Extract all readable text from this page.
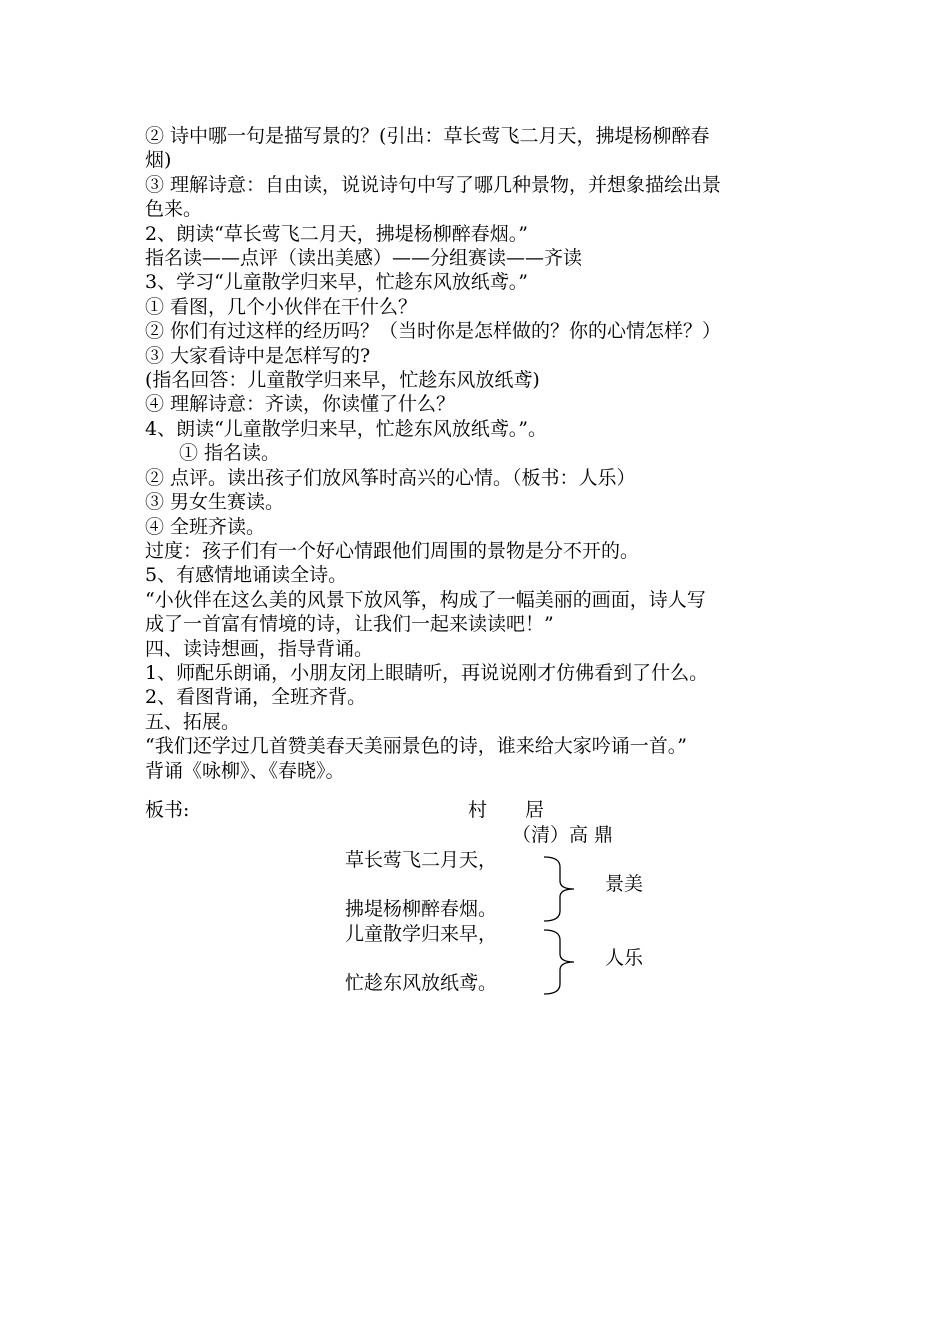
② 诗中哪一句是描写景的？(引出：草长莺飞二月天，拂堤杨柳醉春
烟)
③ 理解诗意：自由读，说说诗句中写了哪几种景物，并想象描绘出景
色来。
2、朗读“草长莺飞二月天，拂堤杨柳醉春烟。”
指名读——点评（读出美感）——分组赛读——齐读
3、学习“儿童散学归来早，忙趁东风放纸鸢。”
① 看图，几个小伙伴在干什么？
② 你们有过这样的经历吗？（当时你是怎样做的？你的心情怎样？）
③ 大家看诗中是怎样写的?
(指名回答：儿童散学归来早，忙趁东风放纸鸢)
④ 理解诗意：齐读，你读懂了什么？
4、朗读“儿童散学归来早，忙趁东风放纸鸢。”。
① 指名读。
② 点评。读出孩子们放风筝时高兴的心情。（板书：人乐）
③ 男女生赛读。
④ 全班齐读。
过度：孩子们有一个好心情跟他们周围的景物是分不开的。
5、有感情地诵读全诗。
“小伙伴在这么美的风景下放风筝，构成了一幅美丽的画面，诗人写
成了一首富有情境的诗，让我们一起来读读吧！”
四、读诗想画，指导背诵。
1、师配乐朗诵，小朋友闭上眼睛听，再说说刚才仿佛看到了什么。
2、看图背诵，全班齐背。
五、拓展。
“我们还学过几首赞美春天美丽景色的诗，谁来给大家吟诵一首。”
背诵《咏柳》、《春晓》。
板书:	村　　居
（清）高 鼎
草长莺飞二月天，
拂堤杨柳醉春烟。
儿童散学归来早，
忙趁东风放纸鸢。
景美
人乐
